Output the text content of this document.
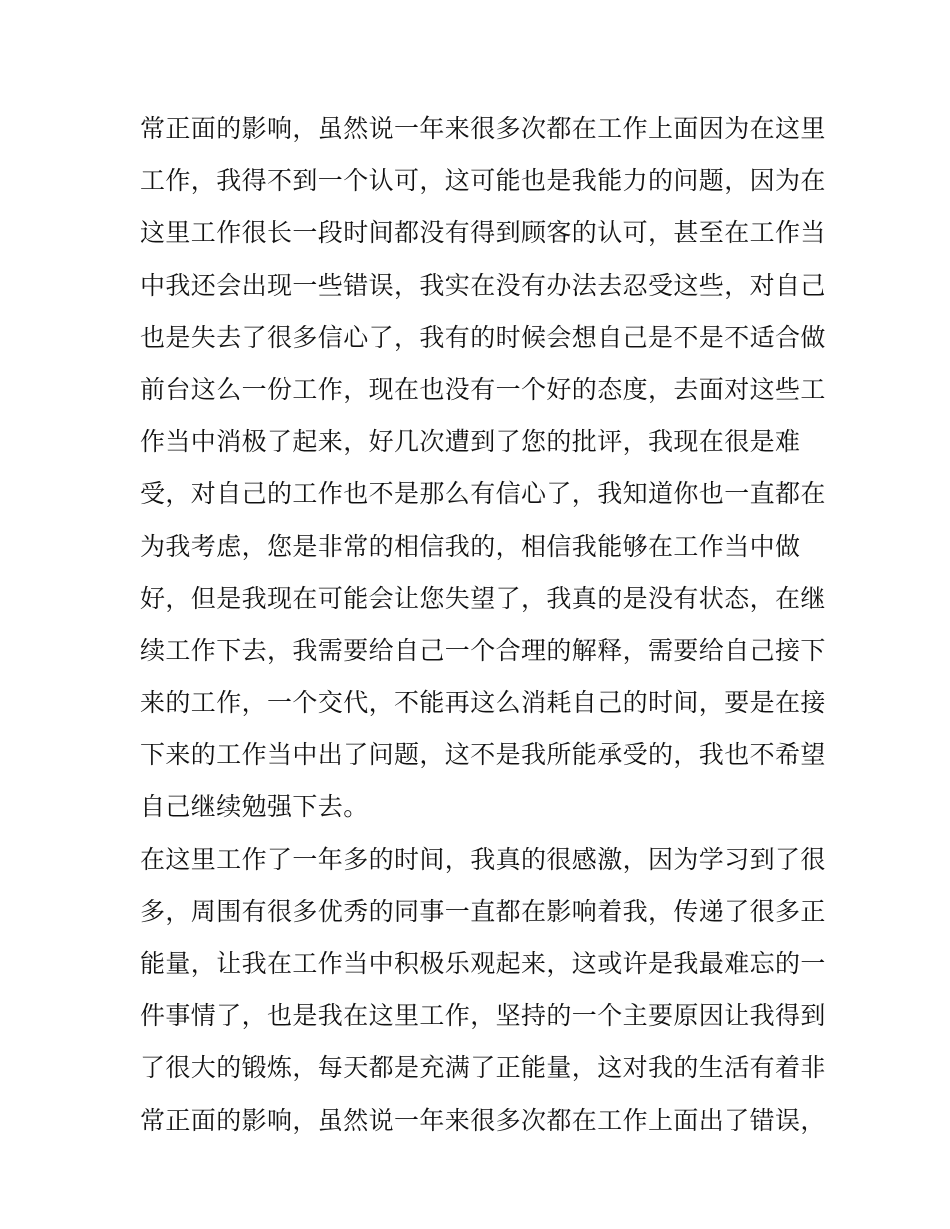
常正面的影响，虽然说一年来很多次都在工作上面因为在这里
工作，我得不到一个认可，这可能也是我能力的问题，因为在
这里工作很长一段时间都没有得到顾客的认可，甚至在工作当
中我还会出现一些错误，我实在没有办法去忍受这些，对自己
也是失去了很多信心了，我有的时候会想自己是不是不适合做
前台这么一份工作，现在也没有一个好的态度，去面对这些工
作当中消极了起来，好几次遭到了您的批评，我现在很是难
受，对自己的工作也不是那么有信心了，我知道你也一直都在
为我考虑，您是非常的相信我的，相信我能够在工作当中做
好，但是我现在可能会让您失望了，我真的是没有状态，在继
续工作下去，我需要给自己一个合理的解释，需要给自己接下
来的工作，一个交代，不能再这么消耗自己的时间，要是在接
下来的工作当中出了问题，这不是我所能承受的，我也不希望
自己继续勉强下去。
在这里工作了一年多的时间，我真的很感激，因为学习到了很
多，周围有很多优秀的同事一直都在影响着我，传递了很多正
能量，让我在工作当中积极乐观起来，这或许是我最难忘的一
件事情了，也是我在这里工作，坚持的一个主要原因让我得到
了很大的锻炼，每天都是充满了正能量，这对我的生活有着非
常正面的影响，虽然说一年来很多次都在工作上面出了错误，
